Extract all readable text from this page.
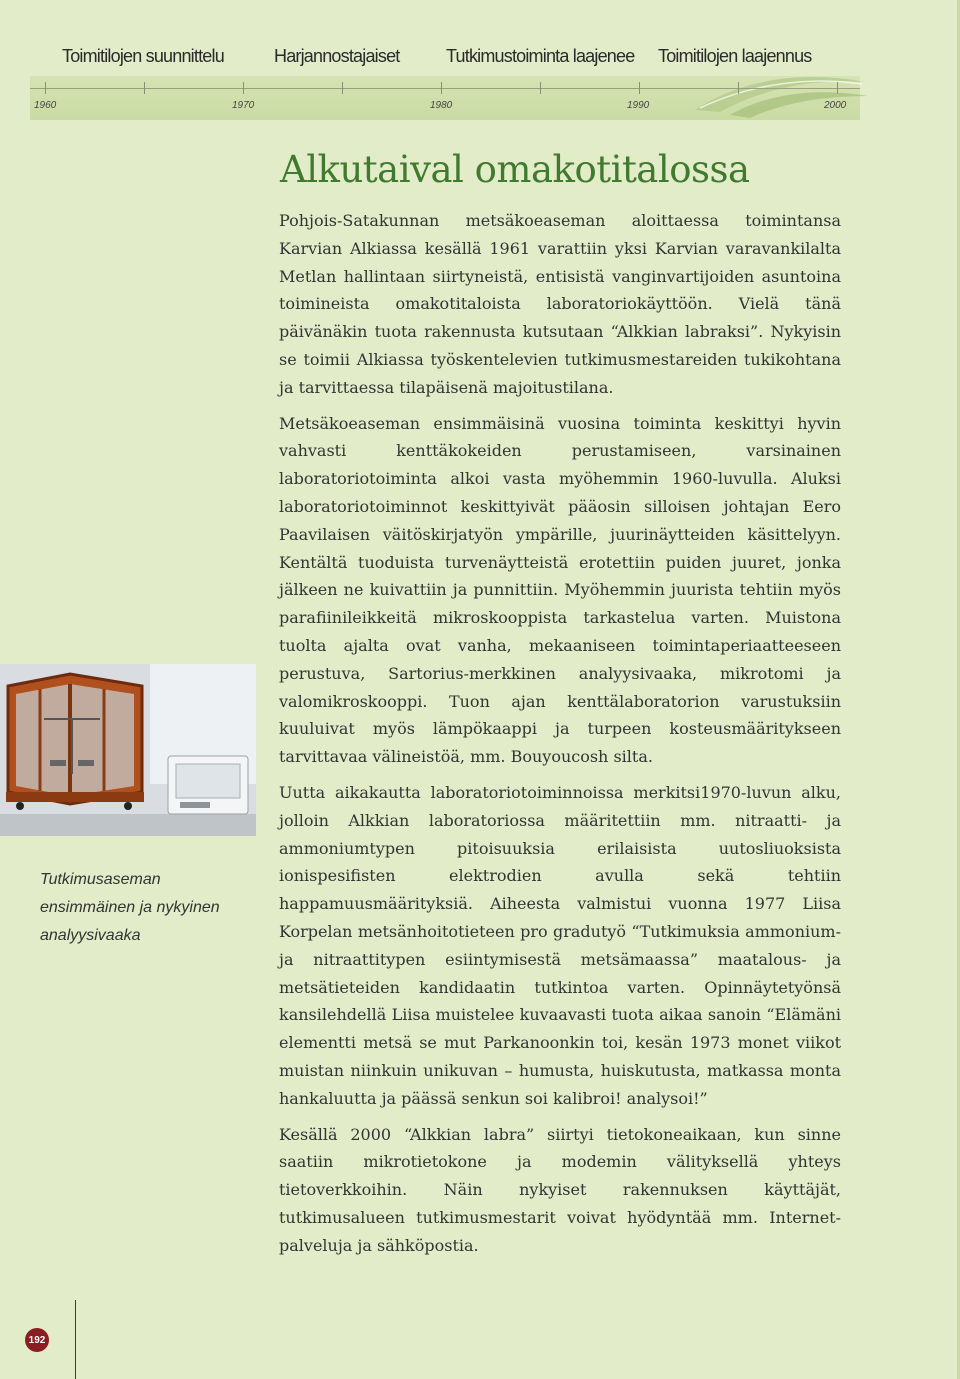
Toimitilojen suunnittelu	Harjannostajaiset	Tutkimustoiminta laajenee Toimitilojen laajennus
1960	1970	1980	1990	2000
Alkutaival omakotitalossa

Pohjois-Satakunnan metsäkoeaseman aloittaessa toimintansa Karvian Alkiassa kesällä 1961 varattiin yksi Karvian varavankilalta Metlan hallintaan siirtyneistä, entisistä vanginvartijoiden asuntoina toimineista omakotitaloista laboratoriokäyttöön. Vielä tänä päivänäkin tuota rakennusta kutsutaan “Alkkian labraksi”. Nykyisin se toimii Alkiassa työskentelevien tutkimusmestareiden tukikohtana ja tarvittaessa tilapäisenä majoitustilana.

Metsäkoeaseman ensimmäisinä vuosina toiminta keskittyi hyvin vahvasti kenttäkokeiden perustamiseen, varsinainen laboratoriotoiminta alkoi vasta myöhemmin 1960-luvulla. Aluksi laboratoriotoiminnot keskittyivät pääosin silloisen johtajan Eero Paavilaisen väitöskirjatyön ympärille, juurinäytteiden käsittelyyn. Kentältä tuoduista turvenäytteistä erotettiin puiden juuret, jonka jälkeen ne kuivattiin ja punnittiin. Myöhemmin juurista tehtiin myös parafiinileikkeitä mikroskooppista tarkastelua varten. Muistona tuolta ajalta ovat vanha, mekaaniseen toimintaperiaatteeseen perustuva, Sartorius-merkkinen analyysivaaka, mikrotomi ja valomikroskooppi. Tuon ajan kenttälaboratorion varustuksiin kuuluivat myös lämpökaappi ja turpeen kosteusmääritykseen tarvittavaa välineistöä, mm. Bouyoucosh silta.

Uutta aikakautta laboratoriotoiminnoissa merkitsi1970-luvun alku, jolloin Alkkian laboratoriossa määritettiin mm. nitraatti- ja ammoniumtypen pitoisuuksia erilaisista uutosliuoksista ionispesifisten elektrodien avulla sekä tehtiin happamuusmäärityksiä. Aiheesta valmistui vuonna 1977 Liisa Korpelan metsänhoitotieteen pro gradutyö “Tutkimuksia ammonium- ja nitraattitypen esiintymisestä metsämaassa” maatalous- ja metsätieteiden kandidaatin tutkintoa varten. Opinnäytetyönsä kansilehdellä Liisa muistelee kuvaavasti tuota aikaa sanoin “Elämäni elementti metsä se mut Parkanoonkin toi, kesän 1973 monet viikot muistan niinkuin unikuvan – humusta, huiskutusta, matkassa monta hankaluutta ja päässä senkun soi kalibroi! analysoi!”

Kesällä 2000 “Alkkian labra” siirtyi tietokoneaikaan, kun sinne saatiin mikrotietokone ja modemin välityksellä yhteys tietoverkkoihin. Näin nykyiset rakennuksen käyttäjät, tutkimusalueen tutkimusmestarit voivat hyödyntää mm. Internet-palveluja ja sähköpostia.

Tutkimusaseman ensimmäinen ja nykyinen analyysivaaka
192
